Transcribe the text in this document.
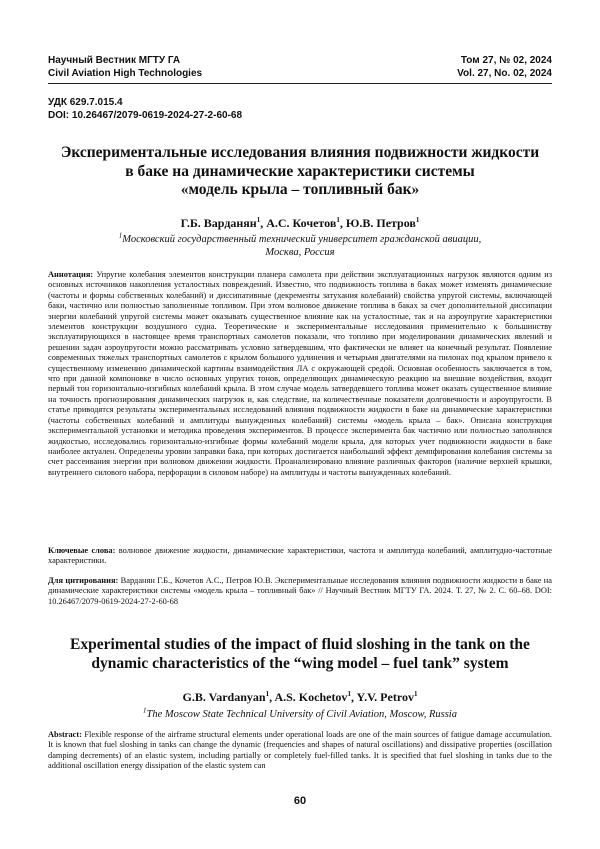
Научный Вестник МГТУ ГА
Civil Aviation High Technologies
Том 27, № 02, 2024
Vol. 27, No. 02, 2024
УДК 629.7.015.4
DOI: 10.26467/2079-0619-2024-27-2-60-68
Экспериментальные исследования влияния подвижности жидкости
в баке на динамические характеристики системы
«модель крыла – топливный бак»
Г.Б. Варданян$^1$, А.С. Кочетов$^1$, Ю.В. Петров$^1$
$^1$Московский государственный технический университет гражданской авиации,
Москва, Россия
Аннотация: Упругие колебания элементов конструкции планера самолета при действии эксплуатационных нагрузок являются одним из основных источников накопления усталостных повреждений. Известно, что подвижность топлива в баках может изменять динамические (частоты и формы собственных колебаний) и диссипативные (декременты затухания колебаний) свойства упругой системы, включающей баки, частично или полностью заполненные топливом. При этом волновое движение топлива в баках за счет дополнительной диссипации энергии колебаний упругой системы может оказывать существенное влияние как на усталостные, так и на аэроупругие характеристики элементов конструкции воздушного судна. Теоретические и экспериментальные исследования применительно к большинству эксплуатирующихся в настоящее время транспортных самолетов показали, что топливо при моделировании динамических явлений и решении задач аэроупругости можно рассматривать условно затвердевшим, что фактически не влияет на конечный результат. Появление современных тяжелых транспортных самолетов с крылом большого удлинения и четырьмя двигателями на пилонах под крылом привело к существенному изменению динамической картины взаимодействия ЛА с окружающей средой. Основная особенность заключается в том, что при данной компоновке в число основных упругих тонов, определяющих динамическую реакцию на внешние воздействия, входит первый тон горизонтально-изгибных колебаний крыла. В этом случае модель затвердевшего топлива может оказать существенное влияние на точность прогнозирования динамических нагрузок и, как следствие, на количественные показатели долговечности и аэроупругости. В статье приводятся результаты экспериментальных исследований влияния подвижности жидкости в баке на динамические характеристики (частоты собственных колебаний и амплитуды вынужденных колебаний) системы «модель крыла – бак». Описана конструкция экспериментальной установки и методика проведения экспериментов. В процессе эксперимента бак частично или полностью заполнялся жидкостью, исследовались горизонтально-изгибные формы колебаний модели крыла, для которых учет подвижности жидкости в баке наиболее актуален. Определены уровни заправки бака, при которых достигается наибольший эффект демпфирования колебания системы за счет рассеивания энергии при волновом движении жидкости. Проанализировано влияние различных факторов (наличие верхней крышки, внутреннего силового набора, перфорации в силовом наборе) на амплитуды и частоты вынужденных колебаний.
Ключевые слова: волновое движение жидкости, динамические характеристики, частота и амплитуда колебаний, амплитудно-частотные характеристики.
Для цитирования: Варданян Г.Б., Кочетов А.С., Петров Ю.В. Экспериментальные исследования влияния подвижности жидкости в баке на динамические характеристики системы «модель крыла – топливный бак» // Научный Вестник МГТУ ГА. 2024. Т. 27, № 2. С. 60–68. DOI: 10.26467/2079-0619-2024-27-2-60-68
Experimental studies of the impact of fluid sloshing in the tank on the
dynamic characteristics of the “wing model – fuel tank” system
G.B. Vardanyan$^1$, A.S. Kochetov$^1$, Y.V. Petrov$^1$
$^1$The Moscow State Technical University of Civil Aviation, Moscow, Russia
Abstract: Flexible response of the airframe structural elements under operational loads are one of the main sources of fatigue damage accumulation. It is known that fuel sloshing in tanks can change the dynamic (frequencies and shapes of natural oscillations) and dissipative properties (oscillation damping decrements) of an elastic system, including partially or completely fuel-filled tanks. It is specified that fuel sloshing in tanks due to the additional oscillation energy dissipation of the elastic system can
60
